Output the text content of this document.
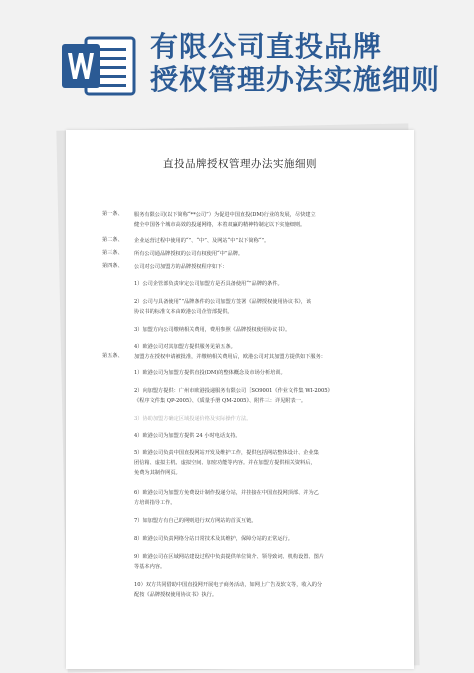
有限公司直投品牌
授权管理办法实施细则
直投品牌授权管理办法实施细则
第一条、 服务有限公司(以下简称“**公司”）为促进中国直投(DM)行业的发展，尽快建立
健全中国各个城市高效的投递网络，本着双赢的精神特制定以下实施细则。
第二条、 企业运营过程中使用的“”、“中”、及网站“中”以下简称“”。
第三条、 所有公司通品牌授权的公司有权使用“中”品牌。
第四条、 公司对公司加盟方的品牌授权程序如下：
1）公司企管部负责审定公司加盟方是否具备使用“”品牌的条件。
2）公司与具备使用“”品牌条件的公司加盟方签署《品牌授权使用协议书》，该
协议书的标准文本由欧港公司企管部提供。
3）加盟方向公司缴纳相关费用，费用参照《品牌授权使用协议书》。
4）欧港公司对其加盟方提供服务见第五条。
第五条、 加盟方在授权申请被批准，并缴纳相关费用后，欧港公司对其加盟方提供如下服务：
1）欧港公司为加盟方提供直投(DM)的整体概念及市场分析培训。
2）向加盟方提供：广州市欧港投递服务有限公司［SO9001《作业文件集 WI-2005》
《程序文件集 QP-2005》、《质量手册 QM-2005》、附件三：详见附表一。
3）协助加盟方确定区域投递价格及实际操作方法。
4）欧港公司为加盟方提供 24 小时电话支持。
5）欧港公司负责中国直投网站开发及维护工作，提供包括网站整体设计、企业集
团信箱、虚拟主机、虚拟空间、加密功能等内容。并在加盟方提供相关资料后，
免费为其制作网页。
6）欧港公司为加盟方免费设计制作投递分站，并挂接在中国直投网顶部、并为乙
方培训指导工作。
7）如加盟方有自己的网则进行双方网站的首页互链。
8）欧港公司负责网络分站日常技术及其维护，保障分站的正常运行。
9）欧港公司在区域网站建设过程中负责提供单位简介、领导致词、机构设置、图片
等基本内容。
10）双方共同借助中国直投网开展电子商务活动，如网上广告及软文等，收入的分
配按《品牌授权使用协议书》执行。
